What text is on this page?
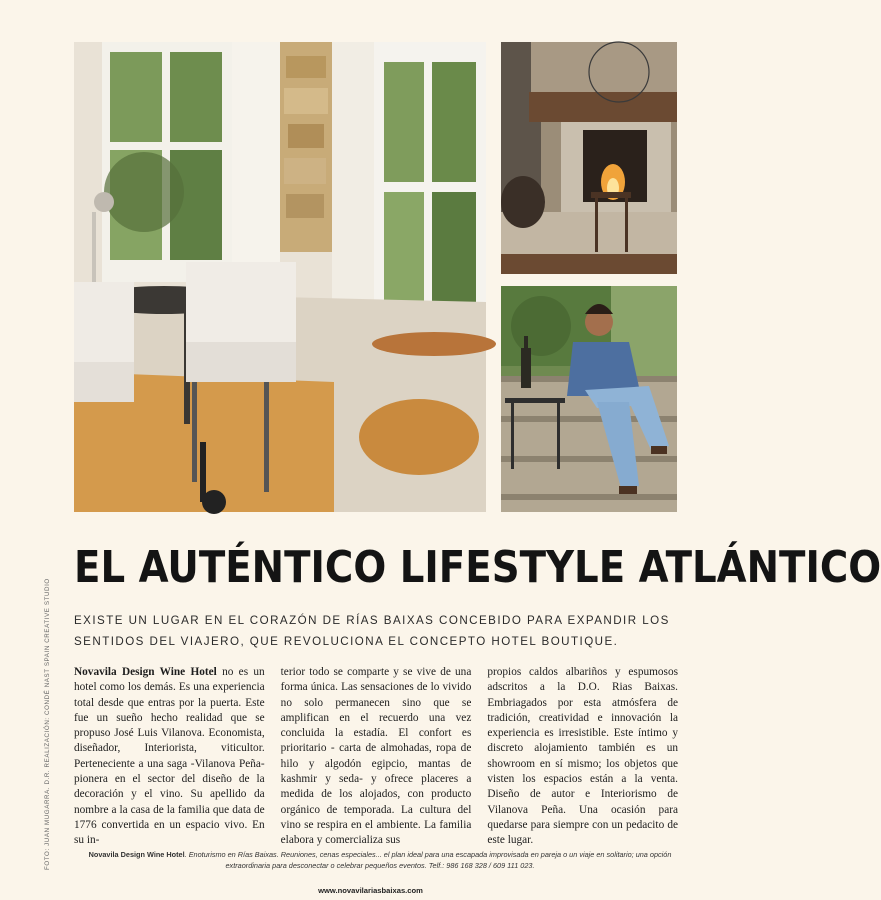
FOTO: JUAN MUGARRA. D.R. REALIZACIÓN: CONDÉ NAST SPAIN CREATIVE STUDIO
EL AUTÉNTICO LIFESTYLE ATLÁNTICO

EXISTE UN LUGAR EN EL CORAZÓN DE RÍAS BAIXAS CONCEBIDO PARA EXPANDIR LOS SENTIDOS DEL VIAJERO, QUE REVOLUCIONA EL CONCEPTO HOTEL BOUTIQUE.

Novavila Design Wine Hotel no es un hotel como los demás. Es una experiencia total desde que entras por la puerta. Este fue un sueño hecho realidad que se propuso José Luis Vilanova. Economista, diseñador, Interiorista, viticultor. Perteneciente a una saga -Vilanova Peña- pionera en el sector del diseño de la decoración y el vino. Su apellido da nombre a la casa de la familia que data de 1776 convertida en un espacio vivo. En su in-
terior todo se comparte y se vive de una forma única. Las sensaciones de lo vivido no solo permanecen sino que se amplifican en el recuerdo una vez concluida la estadía. El confort es prioritario - carta de almohadas, ropa de hilo y algodón egipcio, mantas de kashmir y seda- y ofrece placeres a medida de los alojados, con producto orgánico de temporada. La cultura del vino se respira en el ambiente. La familia elabora y comercializa sus
propios caldos albariños y espumosos adscritos a la D.O. Rias Baixas. Embriagados por esta atmósfera de tradición, creatividad e innovación la experiencia es irresistible. Este íntimo y discreto alojamiento también es un showroom en sí mismo; los objetos que visten los espacios están a la venta. Diseño de autor e Interiorismo de Vilanova Peña. Una ocasión para quedarse para siempre con un pedacito de este lugar.
Novavila Design Wine Hotel. Enoturismo en Rías Baixas. Reuniones, cenas especiales... el plan ideal para una escapada improvisada en pareja o un viaje en solitario; una opción extraordinaria para desconectar o celebrar pequeños eventos. Telf.: 986 168 328 / 609 111 023.
www.novavilariasbaixas.com
